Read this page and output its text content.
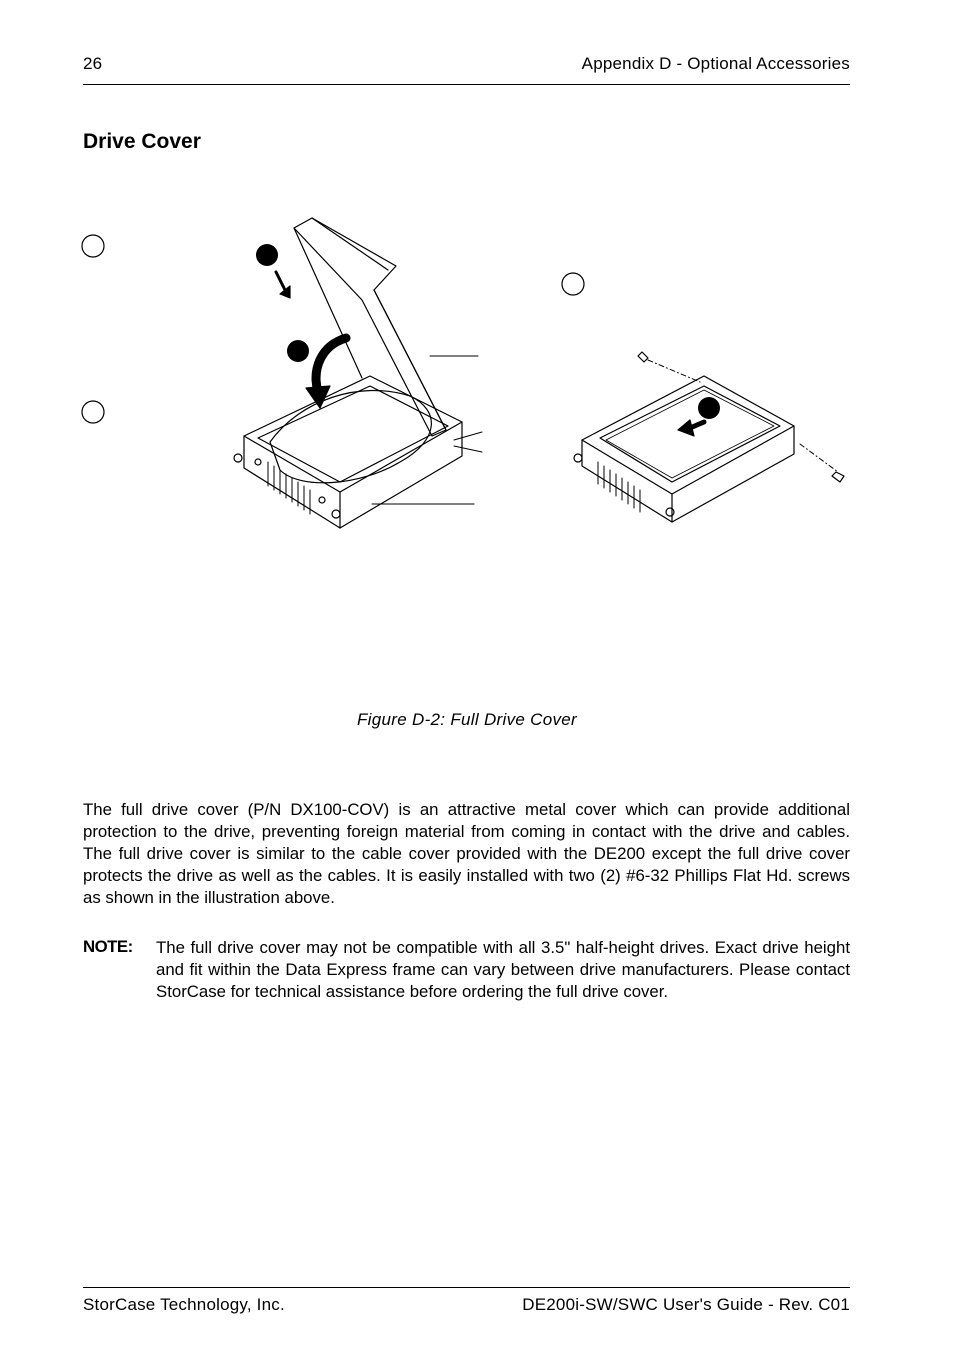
26	Appendix D - Optional Accessories
Drive Cover
Figure D-2: Full Drive Cover
The full drive cover (P/N DX100-COV) is an attractive metal cover which can provide additional protection to the drive, preventing foreign material from coming in contact with the drive and cables. The full drive cover is similar to the cable cover provided with the DE200 except the full drive cover protects the drive as well as the cables. It is easily installed with two (2) #6-32 Phillips Flat Hd. screws as shown in the illustration above.
NOTE: The full drive cover may not be compatible with all 3.5" half-height drives. Exact drive height and fit within the Data Express frame can vary between drive manufacturers. Please contact StorCase for technical assistance before ordering the full drive cover.
StorCase Technology, Inc.	DE200i-SW/SWC User's Guide - Rev. C01
